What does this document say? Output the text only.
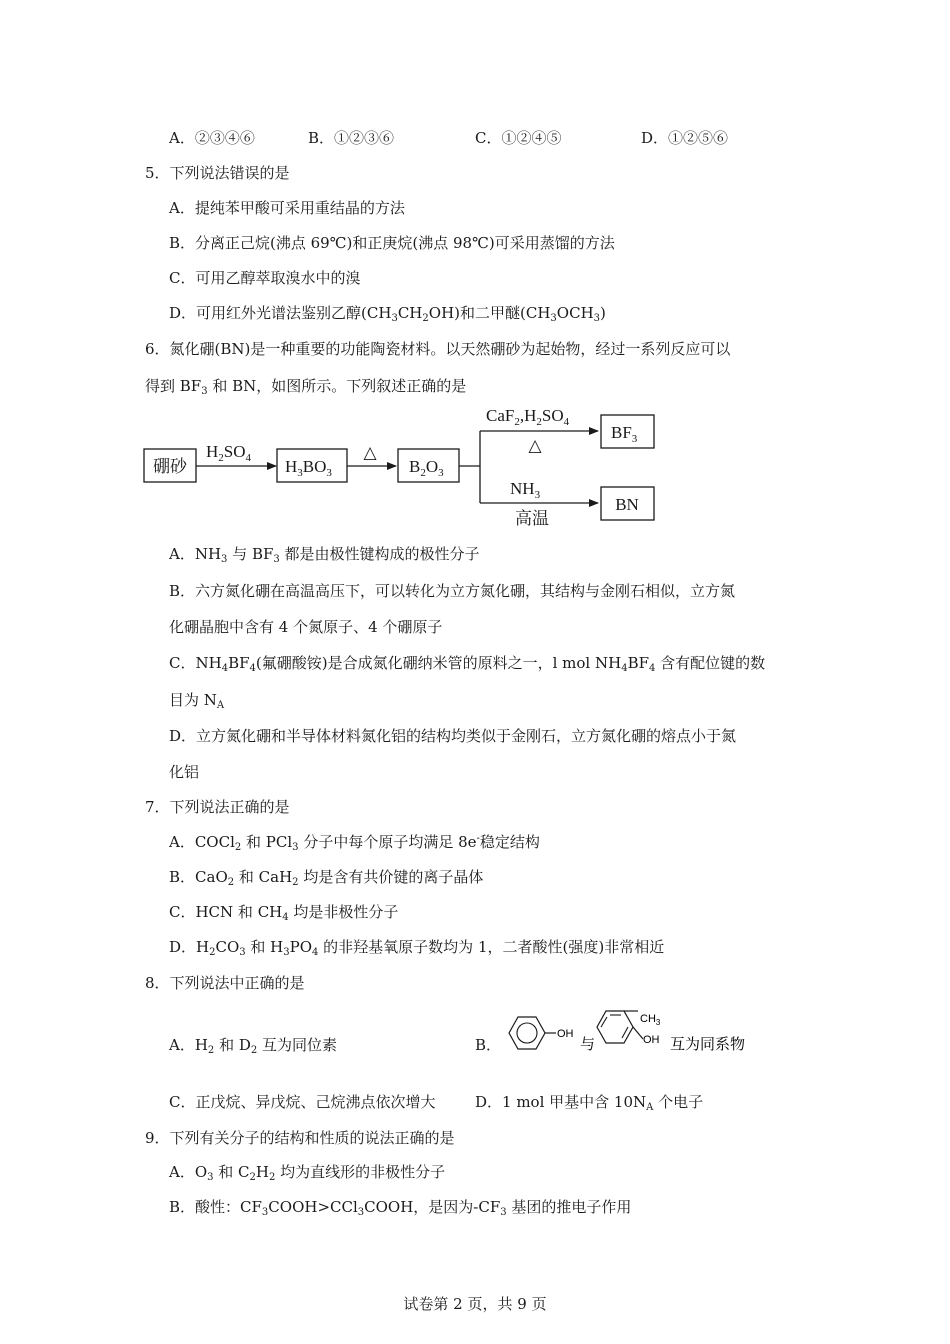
A．②③④⑥	B．①②③⑥	C．①②④⑤	D．①②⑤⑥
5．下列说法错误的是
A．提纯苯甲酸可采用重结晶的方法
B．分离正己烷(沸点 69℃)和正庚烷(沸点 98℃)可采用蒸馏的方法
C．可用乙醇萃取溴水中的溴
D．可用红外光谱法鉴别乙醇$(CH_3CH_2OH)$和二甲醚$(CH_3OCH_3)$
6．氮化硼(BN)是一种重要的功能陶瓷材料。以天然硼砂为起始物，经过一系列反应可以
得到 $BF_3$ 和 BN，如图所示。下列叙述正确的是
硼砂
$H_2SO_4$ $H_3BO_3$
△
$B_2O_3$
$CaF_2,H_2SO_4$
△
$NH_3$
高温
$BF_3$
BN
A．$NH_3$ 与 $BF_3$ 都是由极性键构成的极性分子
B．六方氮化硼在高温高压下，可以转化为立方氮化硼，其结构与金刚石相似，立方氮
化硼晶胞中含有 4 个氮原子、4 个硼原子
C．$NH_4BF_4$(氟硼酸铵)是合成氮化硼纳米管的原料之一，l mol $NH_4BF_4$ 含有配位键的数
目为 $N_A$
D．立方氮化硼和半导体材料氮化铝的结构均类似于金刚石，立方氮化硼的熔点小于氮
化铝
7．下列说法正确的是
A．COCl$_2$ 和 PCl$_3$ 分子中每个原子均满足 8e-稳定结构
B．CaO$_2$ 和 CaH$_2$ 均是含有共价键的离子晶体
C．HCN 和 $CH_4$ 均是非极性分子
D．$H_2CO_3$ 和 $H_3PO_4$ 的非羟基氧原子数均为 1，二者酸性(强度)非常相近
8．下列说法中正确的是
A．$H_2$ 和 $D_2$ 互为同位素	B．
OH
与
$CH_3$
OH 互为同系物
C．正戊烷、异戊烷、己烷沸点依次增大	D．1 mol 甲基中含 $10N_A$ 个电子
9．下列有关分子的结构和性质的说法正确的是
A．$O_3$ 和 $C_2H_2$ 均为直线形的非极性分子
B．酸性：$CF_3COOH>CCl_3COOH$，是因为$-CF_3$ 基团的推电子作用
试卷第 2 页，共 9 页
